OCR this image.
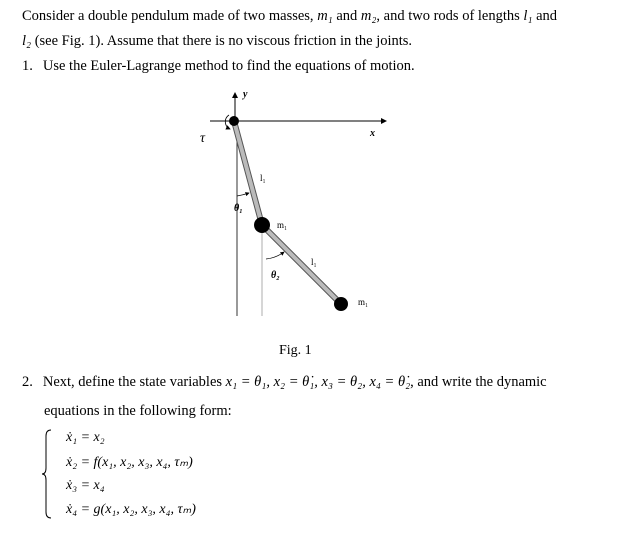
Consider a double pendulum made of two masses, m₁ and m₂, and two rods of lengths l₁ and
l₂ (see Fig. 1). Assume that there is no viscous friction in the joints.
1. Use the Euler-Lagrange method to find the equations of motion.
y
x
τ
l₁
θ₁
m₁
l₁
θ₂
m₁
Fig. 1
2. Next, define the state variables x₁ = θ₁, x₂ = θ̇₁, x₃ = θ₂, x₄ = θ̇₂, and write the dynamic
equations in the following form:
ẋ₁ = x₂
ẋ₂ = f(x₁, x₂, x₃, x₄, τₘ)
ẋ₃ = x₄
ẋ₄ = g(x₁, x₂, x₃, x₄, τₘ)
